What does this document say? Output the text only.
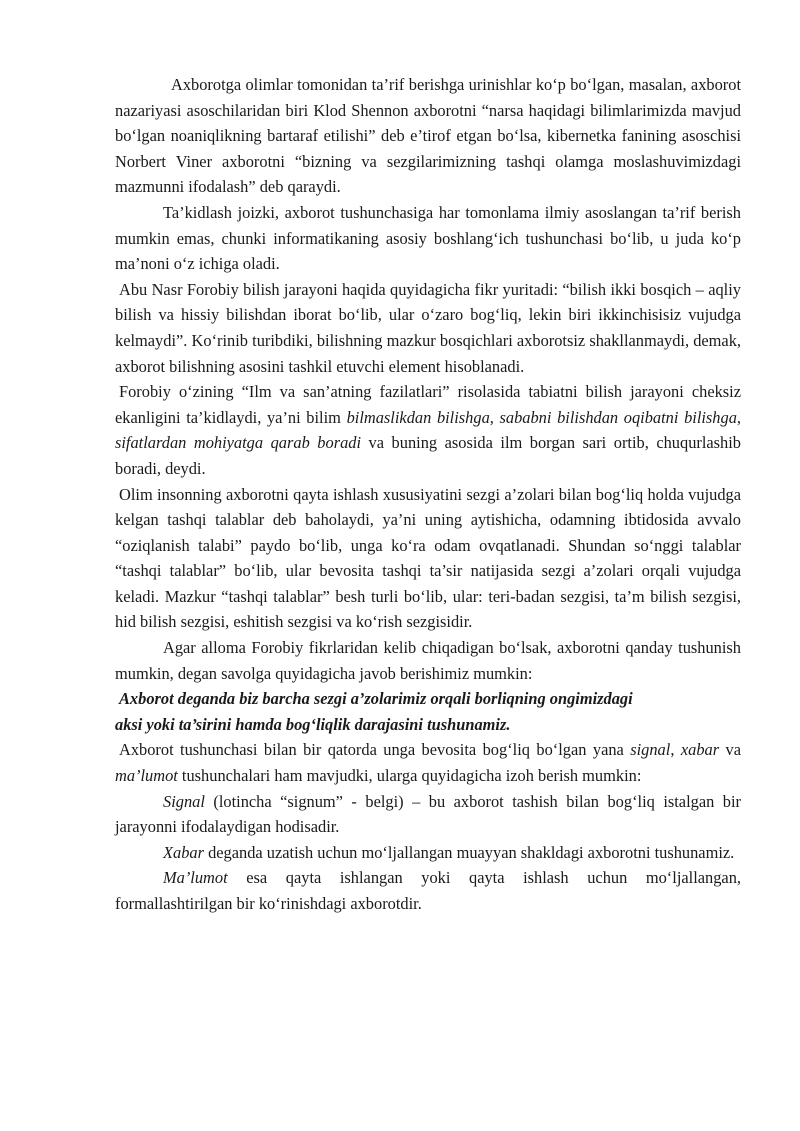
Axborotga olimlar tomonidan ta’rif berishga urinishlar ko‘p bo‘lgan, masalan, axborot nazariyasi asoschilaridan biri Klod Shennon axborotni “narsa haqidagi bilimlarimizda mavjud bo‘lgan noaniqlikning bartaraf etilishi” deb e’tirof etgan bo‘lsa, kibernetka fanining asoschisi Norbert Viner axborotni “bizning va sezgilarimizning tashqi olamga moslashuvimizdagi mazmunni ifodalash” deb qaraydi.

Ta’kidlash joizki, axborot tushunchasiga har tomonlama ilmiy asoslangan ta’rif berish mumkin emas, chunki informatikaning asosiy boshlang‘ich tushunchasi bo‘lib, u juda ko‘p ma’noni o‘z ichiga oladi.

Abu Nasr Forobiy bilish jarayoni haqida quyidagicha fikr yuritadi: “bilish ikki bosqich – aqliy bilish va hissiy bilishdan iborat bo‘lib, ular o‘zaro bog‘liq, lekin biri ikkinchisisiz vujudga kelmaydi”. Ko‘rinib turibdiki, bilishning mazkur bosqichlari axborotsiz shakllanmaydi, demak, axborot bilishning asosini tashkil etuvchi element hisoblanadi.

Forobiy o‘zining “Ilm va san’atning fazilatlari” risolasida tabiatni bilish jarayoni cheksiz ekanligini ta’kidlaydi, ya’ni bilim bilmaslikdan bilishga, sababni bilishdan oqibatni bilishga, sifatlardan mohiyatga qarab boradi va buning asosida ilm borgan sari ortib, chuqurlashib boradi, deydi.

Olim insonning axborotni qayta ishlash xususiyatini sezgi a’zolari bilan bog‘liq holda vujudga kelgan tashqi talablar deb baholaydi, ya’ni uning aytishicha, odamning ibtidosida avvalo “oziqlanish talabi” paydo bo‘lib, unga ko‘ra odam ovqatlanadi. Shundan so‘nggi talablar “tashqi talablar” bo‘lib, ular bevosita tashqi ta’sir natijasida sezgi a’zolari orqali vujudga keladi. Mazkur “tashqi talablar” besh turli bo‘lib, ular: teri-badan sezgisi, ta’m bilish sezgisi, hid bilish sezgisi, eshitish sezgisi va ko‘rish sezgisidir.

Agar alloma Forobiy fikrlaridan kelib chiqadigan bo‘lsak, axborotni qanday tushunish mumkin, degan savolga quyidagicha javob berishimiz mumkin:

Axborot deganda biz barcha sezgi a’zolarimiz orqali borliqning ongimizdagi
aksi yoki ta’sirini hamda bog‘liqlik darajasini tushunamiz.

Axborot tushunchasi bilan bir qatorda unga bevosita bog‘liq bo‘lgan yana signal, xabar va ma’lumot tushunchalari ham mavjudki, ularga quyidagicha izoh berish mumkin:

Signal (lotincha “signum” - belgi) – bu axborot tashish bilan bog‘liq istalgan bir jarayonni ifodalaydigan hodisadir.

Xabar deganda uzatish uchun mo‘ljallangan muayyan shakldagi axborotni tushunamiz.

Ma’lumot esa qayta ishlangan yoki qayta ishlash uchun mo‘ljallangan, formallashtirilgan bir ko‘rinishdagi axborotdir.
